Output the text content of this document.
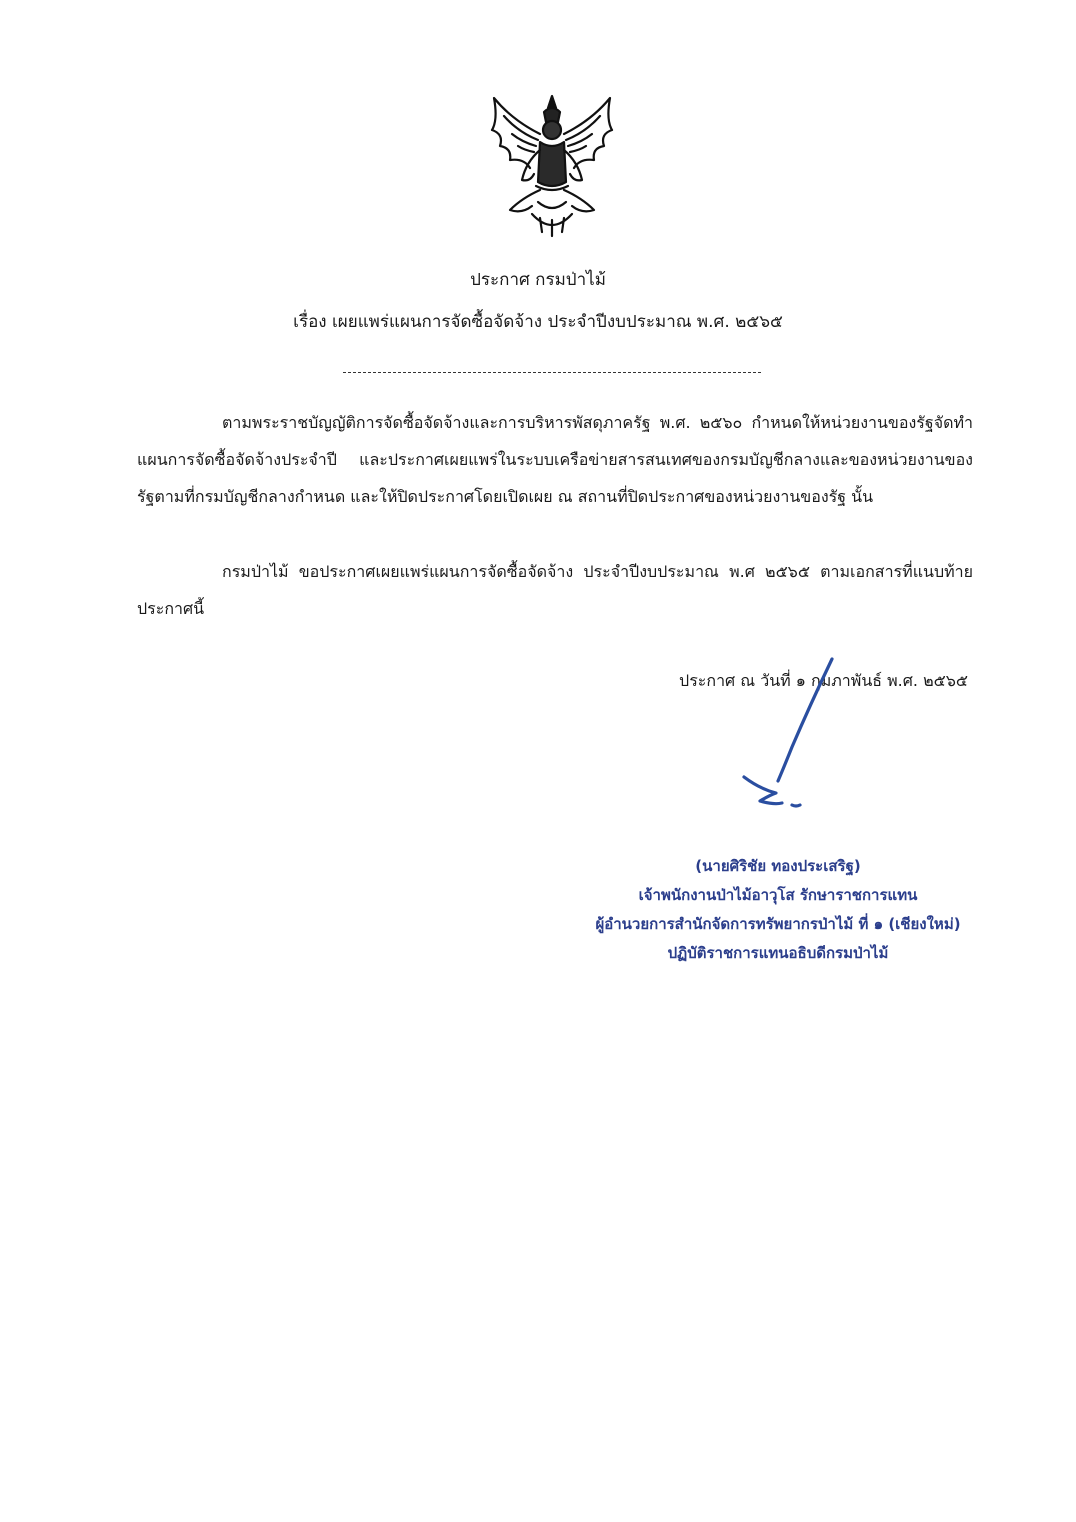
ประกาศ กรมป่าไม้
เรื่อง เผยแพร่แผนการจัดซื้อจัดจ้าง ประจำปีงบประมาณ พ.ศ. ๒๕๖๕
ตามพระราชบัญญัติการจัดซื้อจัดจ้างและการบริหารพัสดุภาครัฐ พ.ศ. ๒๕๖๐ กำหนดให้หน่วยงานของรัฐจัดทำแผนการจัดซื้อจัดจ้างประจำปี และประกาศเผยแพร่ในระบบเครือข่ายสารสนเทศของกรมบัญชีกลางและของหน่วยงานของรัฐตามที่กรมบัญชีกลางกำหนด และให้ปิดประกาศโดยเปิดเผย ณ สถานที่ปิดประกาศของหน่วยงานของรัฐ นั้น
กรมป่าไม้ ขอประกาศเผยแพร่แผนการจัดซื้อจัดจ้าง ประจำปีงบประมาณ พ.ศ ๒๕๖๕ ตามเอกสารที่แนบท้ายประกาศนี้
ประกาศ ณ วันที่ ๑ กุมภาพันธ์ พ.ศ. ๒๕๖๕
(นายศิริชัย ทองประเสริฐ)
เจ้าพนักงานป่าไม้อาวุโส รักษาราชการแทน
ผู้อำนวยการสำนักจัดการทรัพยากรป่าไม้ ที่ ๑ (เชียงใหม่)
ปฏิบัติราชการแทนอธิบดีกรมป่าไม้
